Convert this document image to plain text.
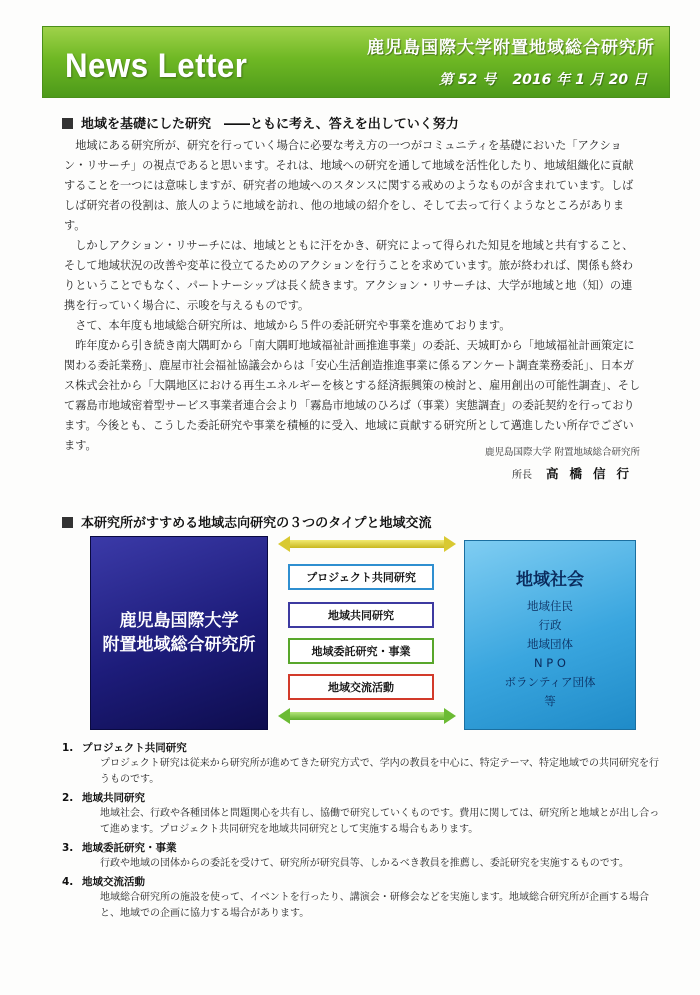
News Letter	鹿児島国際大学附置地域総合研究所
第 52 号 2016 年 1 月 20 日
地域を基礎にした研究　――ともに考え、答えを出していく努力

地域にある研究所が、研究を行っていく場合に必要な考え方の一つがコミュニティを基礎においた「アクション・リサーチ」の視点であると思います。それは、地域への研究を通して地域を活性化したり、地域組織化に貢献することを一つには意味しますが、研究者の地域へのスタンスに関する戒めのようなものが含まれています。しばしば研究者の役割は、旅人のように地域を訪れ、他の地域の紹介をし、そして去って行くようなところがあります。

しかしアクション・リサーチには、地域とともに汗をかき、研究によって得られた知見を地域と共有すること、そして地域状況の改善や変革に役立てるためのアクションを行うことを求めています。旅が終われば、関係も終わりということでもなく、パートナーシップは長く続きます。アクション・リサーチは、大学が地域と地（知）の連携を行っていく場合に、示唆を与えるものです。

さて、本年度も地域総合研究所は、地域から５件の委託研究や事業を進めております。

昨年度から引き続き南大隅町から「南大隅町地域福祉計画推進事業」の委託、天城町から「地域福祉計画策定に関わる委託業務」、鹿屋市社会福祉協議会からは「安心生活創造推進事業に係るアンケート調査業務委託」、日本ガス株式会社から「大隅地区における再生エネルギーを核とする経済振興策の検討と、雇用創出の可能性調査」、そして霧島市地域密着型サービス事業者連合会より「霧島市地域のひろば（事業）実態調査」の委託契約を行っております。今後とも、こうした委託研究や事業を積極的に受入、地域に貢献する研究所として邁進したい所存でございます。

鹿児島国際大学 附置地域総合研究所
所長 高橋信行
本研究所がすすめる地域志向研究の３つのタイプと地域交流
鹿児島国際大学
附置地域総合研究所
プロジェクト共同研究
地域共同研究
地域委託研究・事業
地域交流活動
地域社会
地域住民
行政
地域団体
N P O
ボランティア団体
等
1. プロジェクト共同研究
プロジェクト研究は従来から研究所が進めてきた研究方式で、学内の教員を中心に、特定テーマ、特定地域での共同研究を行うものです。
2. 地域共同研究
地域社会、行政や各種団体と問題関心を共有し、協働で研究していくものです。費用に関しては、研究所と地域とが出し合って進めます。プロジェクト共同研究を地域共同研究として実施する場合もあります。
3. 地域委託研究・事業
行政や地域の団体からの委託を受けて、研究所が研究員等、しかるべき教員を推薦し、委託研究を実施するものです。
4. 地域交流活動
地域総合研究所の施設を使って、イベントを行ったり、講演会・研修会などを実施します。地域総合研究所が企画する場合と、地域での企画に協力する場合があります。
